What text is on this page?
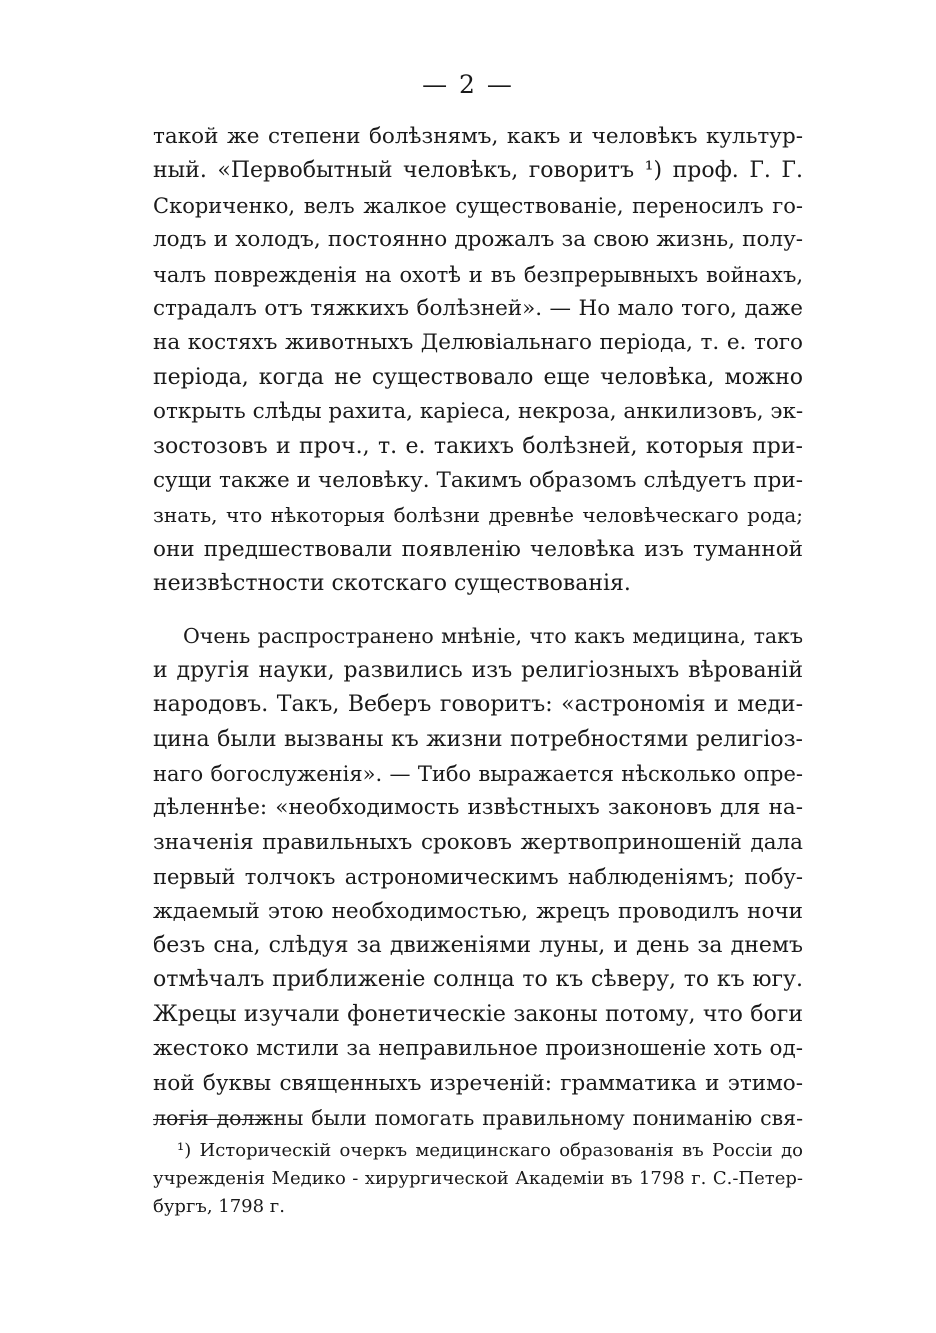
— 2 —
такой же степени болѣзнямъ, какъ и человѣкъ культур-
ный. «Первобытный человѣкъ, говоритъ ¹) проф. Г. Г.
Скориченко, велъ жалкое существованіе, переносилъ го-
лодъ и холодъ, постоянно дрожалъ за свою жизнь, полу-
чалъ поврежденія на охотѣ и въ безпрерывныхъ войнахъ,
страдалъ отъ тяжкихъ болѣзней». — Но мало того, даже
на костяхъ животныхъ Делювіальнаго періода, т. е. того
періода, когда не существовало еще человѣка, можно
открыть слѣды рахита, каріеса, некроза, анкилизовъ, эк-
зостозовъ и проч., т. е. такихъ болѣзней, которыя при-
сущи также и человѣку. Такимъ образомъ слѣдуетъ при-
знать, что нѣкоторыя болѣзни древнѣе человѣческаго рода;
они предшествовали появленію человѣка изъ туманной
неизвѣстности скотскаго существованія.
Очень распространено мнѣніе, что какъ медицина, такъ
и другія науки, развились изъ религіозныхъ вѣрованій
народовъ. Такъ, Веберъ говоритъ: «астрономія и меди-
цина были вызваны къ жизни потребностями религіоз-
наго богослуженія». — Тибо выражается нѣсколько опре-
дѣленнѣе: «необходимость извѣстныхъ законовъ для на-
значенія правильныхъ сроковъ жертвоприношеній дала
первый толчокъ астрономическимъ наблюденіямъ; побу-
ждаемый этою необходимостью, жрецъ проводилъ ночи
безъ сна, слѣдуя за движеніями луны, и день за днемъ
отмѣчалъ приближеніе солнца то къ сѣверу, то къ югу.
Жрецы изучали фонетическіе законы потому, что боги
жестоко мстили за неправильное произношеніе хоть од-
ной буквы священныхъ изреченій: грамматика и этимо-
логія должны были помогать правильному пониманію свя-
¹) Историческій очеркъ медицинскаго образованія въ Россіи до
учрежденія Медико - хирургической Академіи въ 1798 г. С.-Петер-
бургъ, 1798 г.
